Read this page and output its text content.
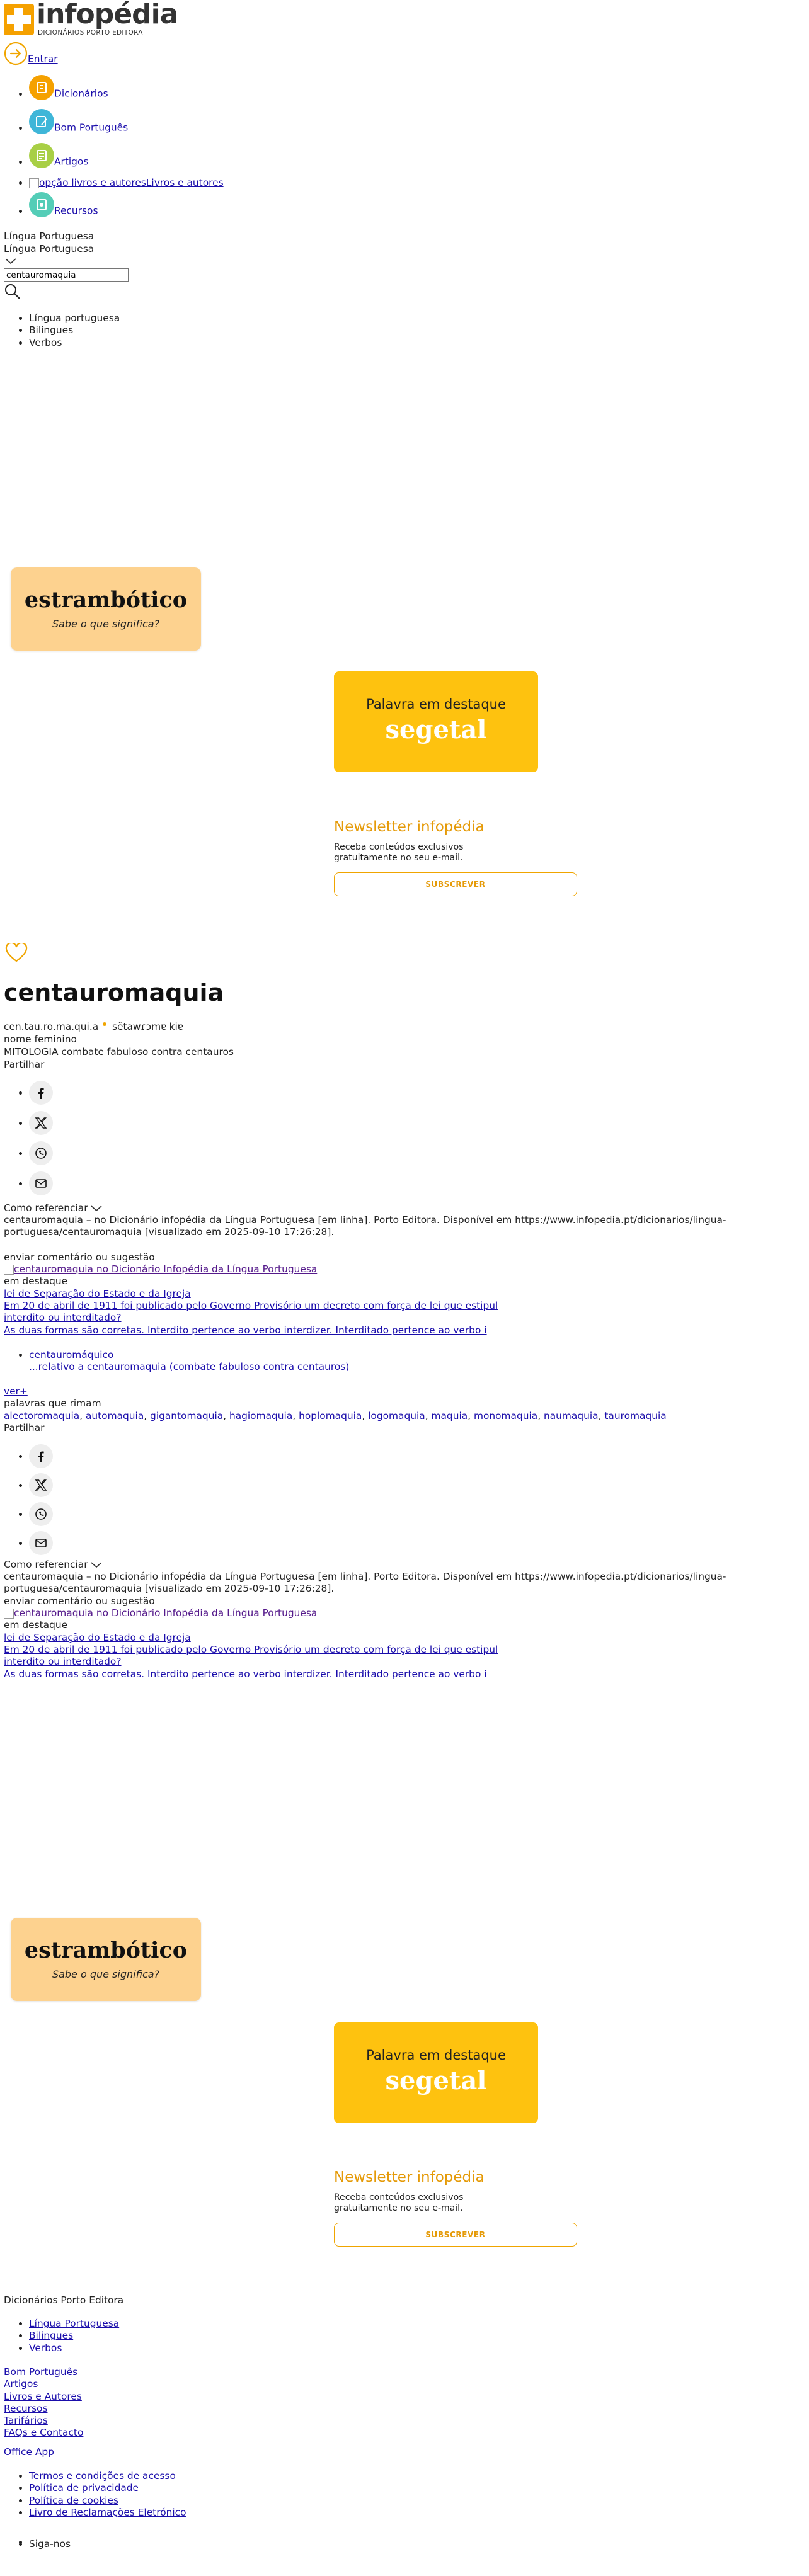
infopédia
DICIONÁRIOS PORTO EDITORA
Entrar
• Dicionários
• Bom Português
• Artigos
• opção livros e autoresLivros e autores
• Recursos
Língua Portuguesa
Língua Portuguesa
centauromaquia
• Língua portuguesa
• Bilingues
• Verbos
estrambótico
Sabe o que significa?
Palavra em destaque
segetal
Newsletter infopédia
Receba conteúdos exclusivos gratuitamente no seu e-mail.
SUBSCREVER
centauromaquia
cen.tau.ro.ma.qui.a sẽtawɾɔmɐˈkiɐ
nome feminino
MITOLOGIA combate fabuloso contra centauros
Partilhar
•
•
•
•
Como referenciar
centauromaquia – no Dicionário infopédia da Língua Portuguesa [em linha]. Porto Editora. Disponível em https://www.infopedia.pt/dicionarios/lingua-portuguesa/centauromaquia [visualizado em 2025-09-10 17:26:28].
enviar comentário ou sugestão
centauromaquia no Dicionário Infopédia da Língua Portuguesa
em destaque
lei de Separação do Estado e da Igreja
Em 20 de abril de 1911 foi publicado pelo Governo Provisório um decreto com força de lei que estipul
interdito ou interditado?
As duas formas são corretas. Interdito pertence ao verbo interdizer. Interditado pertence ao verbo i
• centauromáquico
...relativo a centauromaquia (combate fabuloso contra centauros)
ver+
palavras que rimam
alectoromaquia, automaquia, gigantomaquia, hagiomaquia, hoplomaquia, logomaquia, maquia, monomaquia, naumaquia, tauromaquia
Partilhar
•
•
•
•
Como referenciar
centauromaquia – no Dicionário infopédia da Língua Portuguesa [em linha]. Porto Editora. Disponível em https://www.infopedia.pt/dicionarios/lingua-portuguesa/centauromaquia [visualizado em 2025-09-10 17:26:28].
enviar comentário ou sugestão
centauromaquia no Dicionário Infopédia da Língua Portuguesa
em destaque
lei de Separação do Estado e da Igreja
Em 20 de abril de 1911 foi publicado pelo Governo Provisório um decreto com força de lei que estipul
interdito ou interditado?
As duas formas são corretas. Interdito pertence ao verbo interdizer. Interditado pertence ao verbo i
estrambótico
Sabe o que significa?
Palavra em destaque
segetal
Newsletter infopédia
Receba conteúdos exclusivos gratuitamente no seu e-mail.
SUBSCREVER
Dicionários Porto Editora
• Língua Portuguesa
• Bilingues
• Verbos
Bom Português
Artigos
Livros e Autores
Recursos
Tarifários
FAQs e Contacto
Office App
• Termos e condições de acesso
• Política de privacidade
• Política de cookies
• Livro de Reclamações Eletrónico
•
• Siga-nos
